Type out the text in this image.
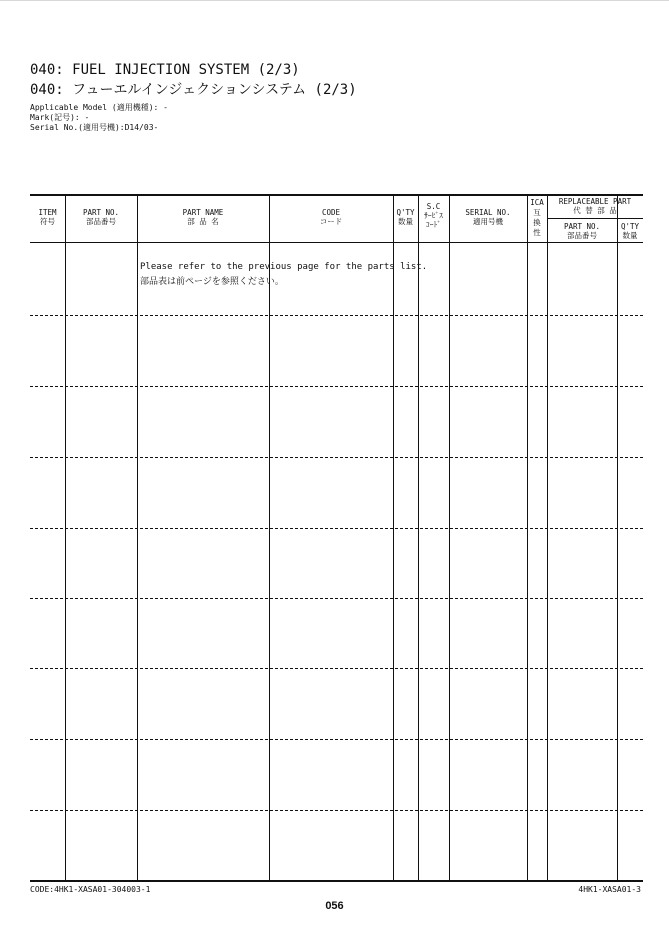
040: FUEL INJECTION SYSTEM (2/3)
040: フューエルインジェクションシステム (2/3)
Applicable Model (適用機種): -
Mark(記号): -
Serial No.(適用号機):D14/03-
ITEM
符号
PART NO.
部品番号
PART NAME
部 品 名
CODE
コード
Q'TY
数量
S.C
ｻｰﾋﾞｽ
ｺｰﾄﾞ
SERIAL NO.
適用号機
ICA
互
換
性
REPLACEABLE PART
代 替 部 品
PART NO.
部品番号
Q'TY
数量
Please refer to the previous page for the parts list.
部品表は前ページを参照ください。
CODE:4HK1-XASA01-304003-1	4HK1-XASA01-3
056
